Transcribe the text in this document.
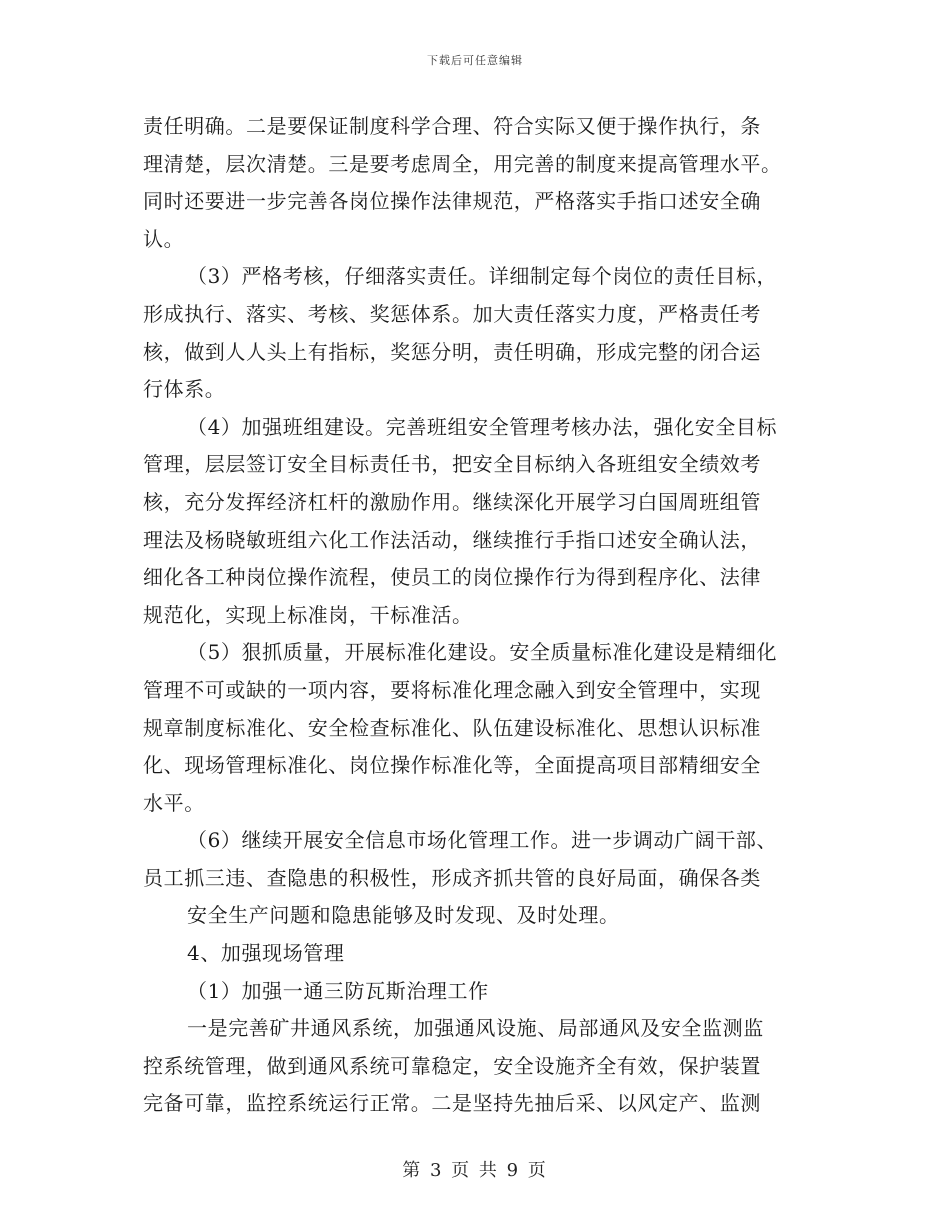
下载后可任意编辑
责任明确。二是要保证制度科学合理、符合实际又便于操作执行，条
理清楚，层次清楚。三是要考虑周全，用完善的制度来提高管理水平。
同时还要进一步完善各岗位操作法律规范，严格落实手指口述安全确
认。
（3）严格考核，仔细落实责任。详细制定每个岗位的责任目标，
形成执行、落实、考核、奖惩体系。加大责任落实力度，严格责任考
核，做到人人头上有指标，奖惩分明，责任明确，形成完整的闭合运
行体系。
（4）加强班组建设。完善班组安全管理考核办法，强化安全目标
管理，层层签订安全目标责任书，把安全目标纳入各班组安全绩效考
核，充分发挥经济杠杆的激励作用。继续深化开展学习白国周班组管
理法及杨晓敏班组六化工作法活动，继续推行手指口述安全确认法，
细化各工种岗位操作流程，使员工的岗位操作行为得到程序化、法律
规范化，实现上标准岗，干标准活。
（5）狠抓质量，开展标准化建设。安全质量标准化建设是精细化
管理不可或缺的一项内容，要将标准化理念融入到安全管理中，实现
规章制度标准化、安全检查标准化、队伍建设标准化、思想认识标准
化、现场管理标准化、岗位操作标准化等，全面提高项目部精细安全
水平。
（6）继续开展安全信息市场化管理工作。进一步调动广阔干部、
员工抓三违、查隐患的积极性，形成齐抓共管的良好局面，确保各类
安全生产问题和隐患能够及时发现、及时处理。
4、加强现场管理
（1）加强一通三防瓦斯治理工作
一是完善矿井通风系统，加强通风设施、局部通风及安全监测监
控系统管理，做到通风系统可靠稳定，安全设施齐全有效，保护装置
完备可靠，监控系统运行正常。二是坚持先抽后采、以风定产、监测
第 3 页 共 9 页
